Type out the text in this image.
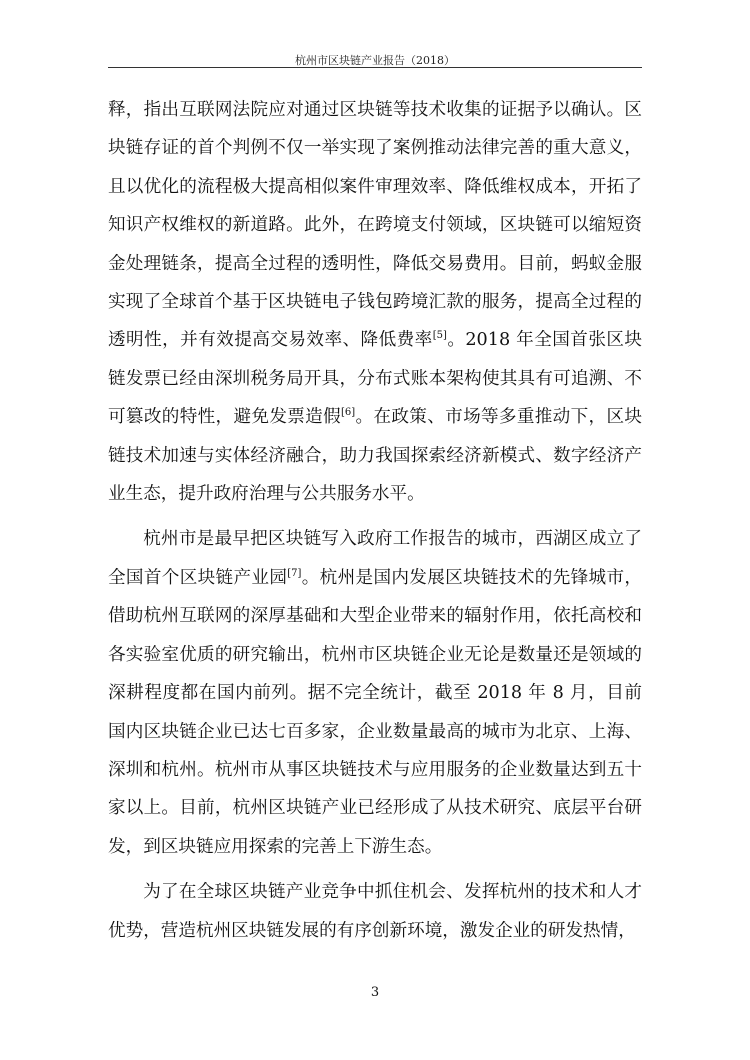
杭州市区块链产业报告（2018）

释，指出互联网法院应对通过区块链等技术收集的证据予以确认。区块链存证的首个判例不仅一举实现了案例推动法律完善的重大意义，且以优化的流程极大提高相似案件审理效率、降低维权成本，开拓了知识产权维权的新道路。此外，在跨境支付领域，区块链可以缩短资金处理链条，提高全过程的透明性，降低交易费用。目前，蚂蚁金服实现了全球首个基于区块链电子钱包跨境汇款的服务，提高全过程的透明性，并有效提高交易效率、降低费率[5]。2018 年全国首张区块链发票已经由深圳税务局开具，分布式账本架构使其具有可追溯、不可篡改的特性，避免发票造假[6]。在政策、市场等多重推动下，区块链技术加速与实体经济融合，助力我国探索经济新模式、数字经济产业生态，提升政府治理与公共服务水平。

杭州市是最早把区块链写入政府工作报告的城市，西湖区成立了全国首个区块链产业园[7]。杭州是国内发展区块链技术的先锋城市，借助杭州互联网的深厚基础和大型企业带来的辐射作用，依托高校和各实验室优质的研究输出，杭州市区块链企业无论是数量还是领域的深耕程度都在国内前列。据不完全统计，截至 2018 年 8 月，目前国内区块链企业已达七百多家，企业数量最高的城市为北京、上海、深圳和杭州。杭州市从事区块链技术与应用服务的企业数量达到五十家以上。目前，杭州区块链产业已经形成了从技术研究、底层平台研发，到区块链应用探索的完善上下游生态。

为了在全球区块链产业竞争中抓住机会、发挥杭州的技术和人才优势，营造杭州区块链发展的有序创新环境，激发企业的研发热情，

3
